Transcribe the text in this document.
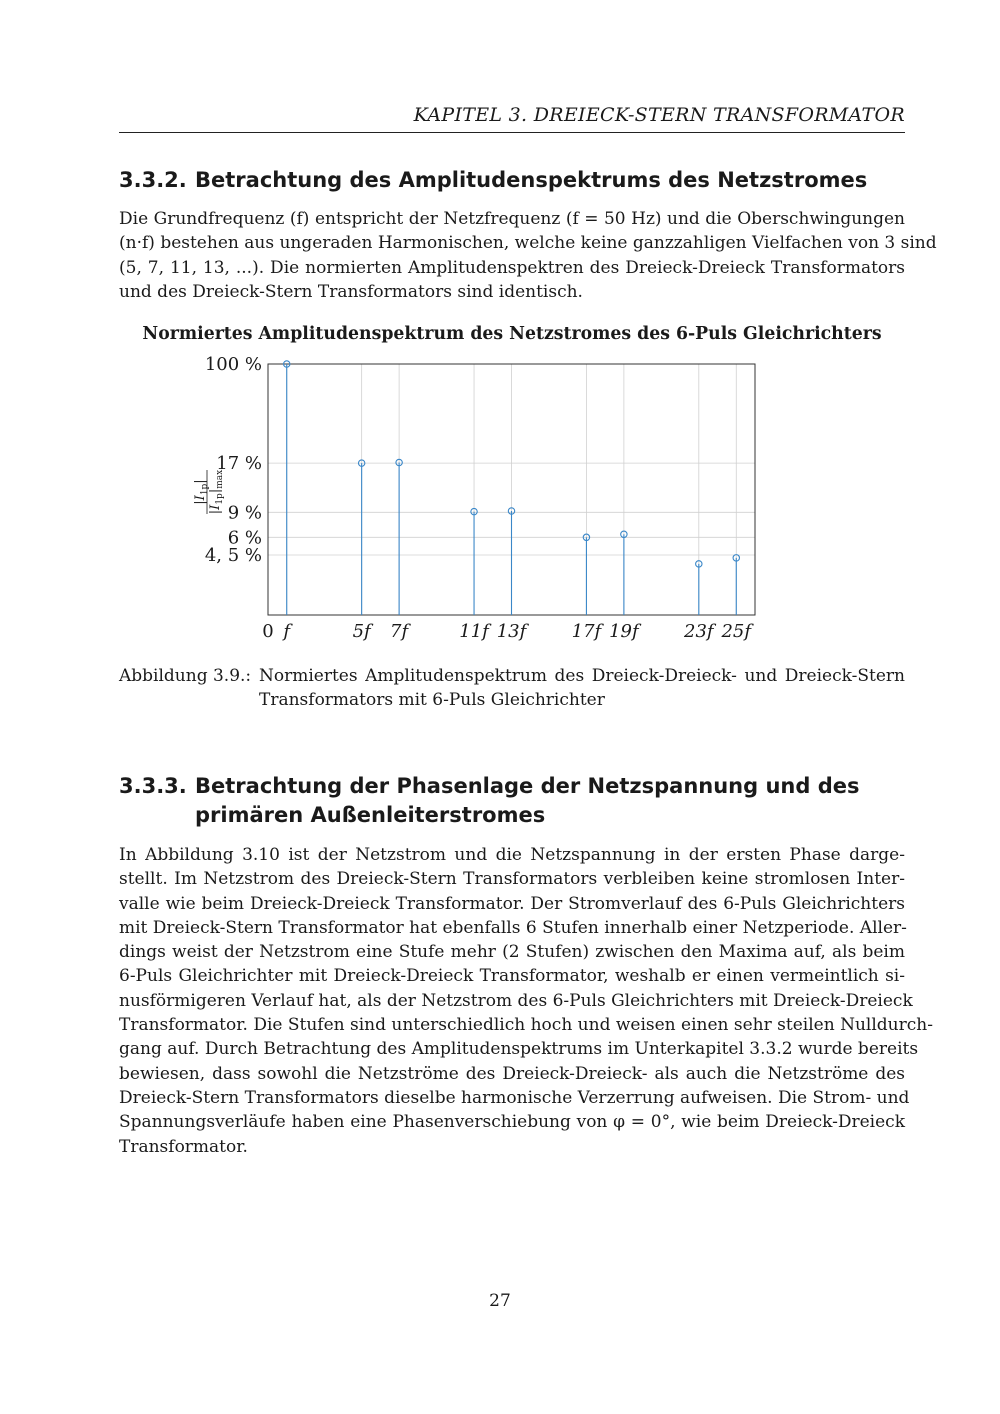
KAPITEL 3. DREIECK-STERN TRANSFORMATOR
3.3.2. Betrachtung des Amplitudenspektrums des Netzstromes

Die Grundfrequenz (f) entspricht der Netzfrequenz (f = 50 Hz) und die Oberschwingungen
(n·f) bestehen aus ungeraden Harmonischen, welche keine ganzzahligen Vielfachen von 3 sind
(5, 7, 11, 13, ...). Die normierten Amplitudenspektren des Dreieck-Dreieck Transformators
und des Dreieck-Stern Transformators sind identisch.

Normiertes Amplitudenspektrum des Netzstromes des 6-Puls Gleichrichters
100 %
17 %
9 %
6 %
4, 5 %
0 f	5f 7f	11f 13f	17f 19f	23f 25f
$|I_{1p}|$
$|I_{1p}|_{max}$
Abbildung 3.9.: Normiertes Amplitudenspektrum des Dreieck-Dreieck- und Dreieck-Stern
Transformators mit 6-Puls Gleichrichter
3.3.3. Betrachtung der Phasenlage der Netzspannung und des
primären Außenleiterstromes

In Abbildung 3.10 ist der Netzstrom und die Netzspannung in der ersten Phase darge-
stellt. Im Netzstrom des Dreieck-Stern Transformators verbleiben keine stromlosen Inter-
valle wie beim Dreieck-Dreieck Transformator. Der Stromverlauf des 6-Puls Gleichrichters
mit Dreieck-Stern Transformator hat ebenfalls 6 Stufen innerhalb einer Netzperiode. Aller-
dings weist der Netzstrom eine Stufe mehr (2 Stufen) zwischen den Maxima auf, als beim
6-Puls Gleichrichter mit Dreieck-Dreieck Transformator, weshalb er einen vermeintlich si-
nusförmigeren Verlauf hat, als der Netzstrom des 6-Puls Gleichrichters mit Dreieck-Dreieck
Transformator. Die Stufen sind unterschiedlich hoch und weisen einen sehr steilen Nulldurch-
gang auf. Durch Betrachtung des Amplitudenspektrums im Unterkapitel 3.3.2 wurde bereits
bewiesen, dass sowohl die Netzströme des Dreieck-Dreieck- als auch die Netzströme des
Dreieck-Stern Transformators dieselbe harmonische Verzerrung aufweisen. Die Strom- und
Spannungsverläufe haben eine Phasenverschiebung von φ = 0°, wie beim Dreieck-Dreieck
Transformator.

27
